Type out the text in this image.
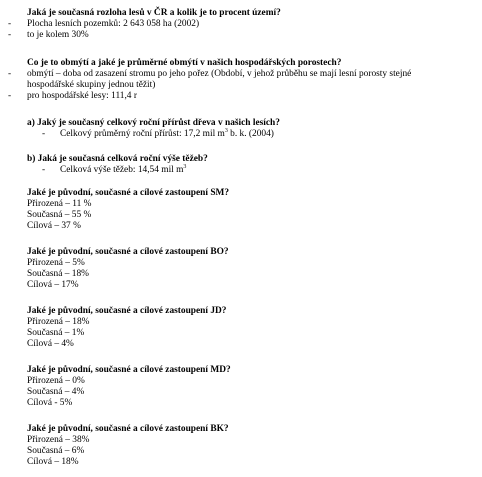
Jaká je současná rozloha lesů v ČR a kolik je to procent území?
- Plocha lesních pozemků: 2 643 058 ha (2002)
- to je kolem 30%
Co je to obmýtí a jaké je průměrné obmýtí v našich hospodářských porostech?
- obmýtí – doba od zasazení stromu po jeho pořez (Období, v jehož průběhu se mají lesní porosty stejné hospodářské skupiny jednou těžit)
- pro hospodářské lesy: 111,4 r
a) Jaký je současný celkový roční přírůst dřeva v našich lesích?
- Celkový průměrný roční přírůst: 17,2 mil $m^3$ b. k. (2004)
b) Jaká je současná celková roční výše těžeb?
- Celková výše těžeb: 14,54 mil $m^3$
Jaké je původní, současné a cílové zastoupení SM?
Přirozená – 11 %
Současná – 55 %
Cílová – 37 %
Jaké je původní, současné a cílové zastoupení BO?
Přirozená – 5%
Současná – 18%
Cílová – 17%
Jaké je původní, současné a cílové zastoupení JD?
Přirozená – 18%
Současná – 1%
Cílová – 4%
Jaké je původní, současné a cílové zastoupení MD?
Přirozená – 0%
Současná – 4%
Cílová - 5%
Jaké je původní, současné a cílové zastoupení BK?
Přirozená – 38%
Současná – 6%
Cílová – 18%
